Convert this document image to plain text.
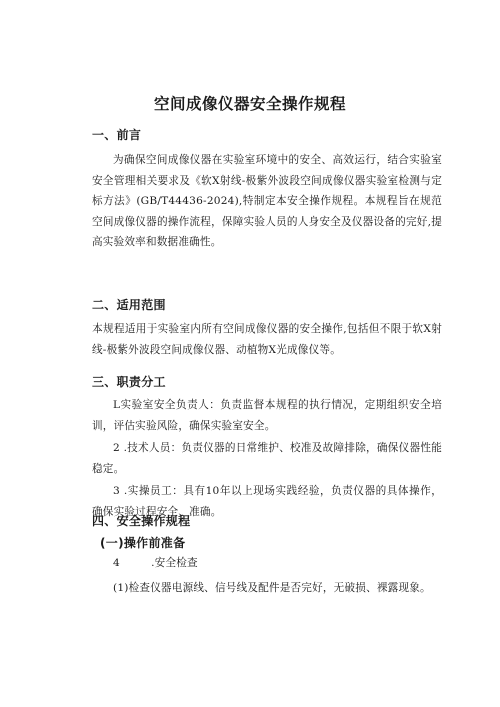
空间成像仪器安全操作规程
一、前言
为确保空间成像仪器在实验室环境中的安全、高效运行，结合实验室安全管理相关要求及《软X射线-极紫外波段空间成像仪器实验室检测与定标方法》(GB/T44436-2024),特制定本安全操作规程。本规程旨在规范空间成像仪器的操作流程，保障实验人员的人身安全及仪器设备的完好,提高实验效率和数据准确性。
二、适用范围
本规程适用于实验室内所有空间成像仪器的安全操作,包括但不限于软X射线-极紫外波段空间成像仪器、动植物X光成像仪等。
三、职责分工
L实验室安全负责人：负责监督本规程的执行情况，定期组织安全培训，评估实验风险，确保实验室安全。
2 .技术人员：负责仪器的日常维护、校准及故障排除，确保仪器性能稳定。
3 .实操员工：具有10年以上现场实践经验，负责仪器的具体操作，确保实验过程安全、准确。
四、安全操作规程
(一)操作前准备
4	.安全检查
(1)检查仪器电源线、信号线及配件是否完好，无破损、裸露现象。
